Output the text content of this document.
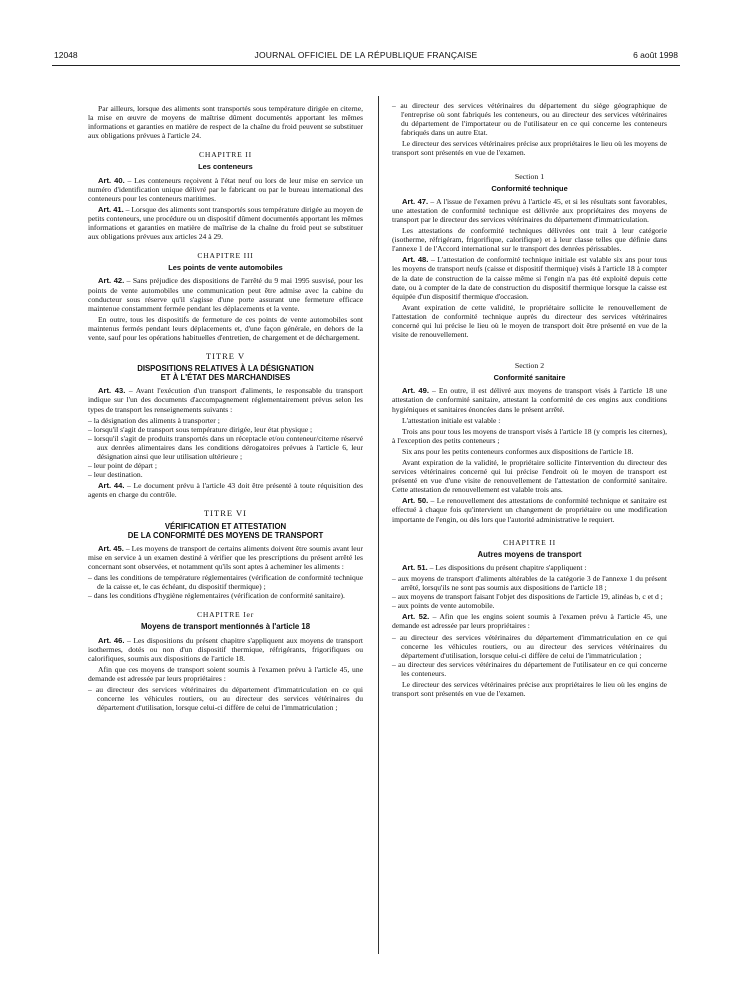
12048	JOURNAL OFFICIEL DE LA RÉPUBLIQUE FRANÇAISE	6 août 1998

Par ailleurs, lorsque des aliments sont transportés sous température dirigée en citerne, la mise en œuvre de moyens de maîtrise dûment documentés apportant les mêmes informations et garanties en matière de respect de la chaîne du froid peuvent se substituer aux obligations prévues à l'article 24.

CHAPITRE II
Les conteneurs

Art. 40. – Les conteneurs reçoivent à l'état neuf ou lors de leur mise en service un numéro d'identification unique délivré par le fabricant ou par le bureau international des conteneurs pour les conteneurs maritimes.

Art. 41. – Lorsque des aliments sont transportés sous température dirigée au moyen de petits conteneurs, une procédure ou un dispositif dûment documentés apportant les mêmes informations et garanties en matière de maîtrise de la chaîne du froid peut se substituer aux obligations prévues aux articles 24 à 29.

CHAPITRE III
Les points de vente automobiles

Art. 42. – Sans préjudice des dispositions de l'arrêté du 9 mai 1995 susvisé, pour les points de vente automobiles une communication peut être admise avec la cabine du conducteur sous réserve qu'il s'agisse d'une porte assurant une fermeture efficace maintenue constamment fermée pendant les déplacements et la vente.

En outre, tous les dispositifs de fermeture de ces points de vente automobiles sont maintenus fermés pendant leurs déplacements et, d'une façon générale, en dehors de la vente, sauf pour les opérations habituelles d'entretien, de chargement et de déchargement.

TITRE V
DISPOSITIONS RELATIVES À LA DÉSIGNATION
ET À L'ÉTAT DES MARCHANDISES

Art. 43. – Avant l'exécution d'un transport d'aliments, le responsable du transport indique sur l'un des documents d'accompagnement réglementairement prévus selon les types de transport les renseignements suivants :

– la désignation des aliments à transporter ;
– lorsqu'il s'agit de transport sous température dirigée, leur état physique ;
– lorsqu'il s'agit de produits transportés dans un réceptacle et/ou conteneur/citerne réservé aux denrées alimentaires dans les conditions dérogatoires prévues à l'article 6, leur désignation ainsi que leur utilisation ultérieure ;
– leur point de départ ;
– leur destination.

Art. 44. – Le document prévu à l'article 43 doit être présenté à toute réquisition des agents en charge du contrôle.

TITRE VI
VÉRIFICATION ET ATTESTATION
DE LA CONFORMITÉ DES MOYENS DE TRANSPORT

Art. 45. – Les moyens de transport de certains aliments doivent être soumis avant leur mise en service à un examen destiné à vérifier que les prescriptions du présent arrêté les concernant sont observées, et notamment qu'ils sont aptes à acheminer les aliments :

– dans les conditions de température réglementaires (vérification de conformité technique de la caisse et, le cas échéant, du dispositif thermique) ;
– dans les conditions d'hygiène réglementaires (vérification de conformité sanitaire).
CHAPITRE Ier
Moyens de transport mentionnés à l'article 18

Art. 46. – Les dispositions du présent chapitre s'appliquent aux moyens de transport isothermes, dotés ou non d'un dispositif thermique, réfrigérants, frigorifiques ou calorifiques, soumis aux dispositions de l'article 18.

Afin que ces moyens de transport soient soumis à l'examen prévu à l'article 45, une demande est adressée par leurs propriétaires :

– au directeur des services vétérinaires du département d'immatriculation en ce qui concerne les véhicules routiers, ou au directeur des services vétérinaires du département d'utilisation, lorsque celui-ci diffère de celui de l'immatriculation ;
– au directeur des services vétérinaires du département du siège géographique de l'entreprise où sont fabriqués les conteneurs, ou au directeur des services vétérinaires du département de l'importateur ou de l'utilisateur en ce qui concerne les conteneurs fabriqués dans un autre Etat.

Le directeur des services vétérinaires précise aux propriétaires le lieu où les moyens de transport sont présentés en vue de l'examen.

Section 1
Conformité technique

Art. 47. – A l'issue de l'examen prévu à l'article 45, et si les résultats sont favorables, une attestation de conformité technique est délivrée aux propriétaires des moyens de transport par le directeur des services vétérinaires du département d'immatriculation.

Les attestations de conformité techniques délivrées ont trait à leur catégorie (isotherme, réfrigéram, frigorifique, calorifique) et à leur classe telles que définie dans l'annexe 1 de l'Accord international sur le transport des denrées périssables.

Art. 48. – L'attestation de conformité technique initiale est valable six ans pour tous les moyens de transport neufs (caisse et dispositif thermique) visés à l'article 18 à compter de la date de construction de la caisse même si l'engin n'a pas été exploité depuis cette date, ou à compter de la date de construction du dispositif thermique lorsque la caisse est équipée d'un dispositif thermique d'occasion.

Avant expiration de cette validité, le propriétaire sollicite le renouvellement de l'attestation de conformité technique auprès du directeur des services vétérinaires concerné qui lui précise le lieu où le moyen de transport doit être présenté en vue de la visite de renouvellement.

Section 2
Conformité sanitaire

Art. 49. – En outre, il est délivré aux moyens de transport visés à l'article 18 une attestation de conformité sanitaire, attestant la conformité de ces engins aux conditions hygiéniques et sanitaires énoncées dans le présent arrêté.

L'attestation initiale est valable :

Trois ans pour tous les moyens de transport visés à l'article 18 (y compris les citernes), à l'exception des petits conteneurs ;

Six ans pour les petits conteneurs conformes aux dispositions de l'article 18.

Avant expiration de la validité, le propriétaire sollicite l'intervention du directeur des services vétérinaires concerné qui lui précise l'endroit où le moyen de transport est présenté en vue d'une visite de renouvellement de l'attestation de conformité sanitaire. Cette attestation de renouvellement est valable trois ans.

Art. 50. – Le renouvellement des attestations de conformité technique et sanitaire est effectué à chaque fois qu'intervient un changement de propriétaire ou une modification importante de l'engin, ou dès lors que l'autorité administrative le requiert.

CHAPITRE II
Autres moyens de transport

Art. 51. – Les dispositions du présent chapitre s'appliquent :

– aux moyens de transport d'aliments altérables de la catégorie 3 de l'annexe 1 du présent arrêté, lorsqu'ils ne sont pas soumis aux dispositions de l'article 18 ;
– aux moyens de transport faisant l'objet des dispositions de l'article 19, alinéas b, c et d ;
– aux points de vente automobile.

Art. 52. – Afin que les engins soient soumis à l'examen prévu à l'article 45, une demande est adressée par leurs propriétaires :

– au directeur des services vétérinaires du département d'immatriculation en ce qui concerne les véhicules routiers, ou au directeur des services vétérinaires du département d'utilisation, lorsque celui-ci diffère de celui de l'immatriculation ;
– au directeur des services vétérinaires du département de l'utilisateur en ce qui concerne les conteneurs.

Le directeur des services vétérinaires précise aux propriétaires le lieu où les engins de transport sont présentés en vue de l'examen.
